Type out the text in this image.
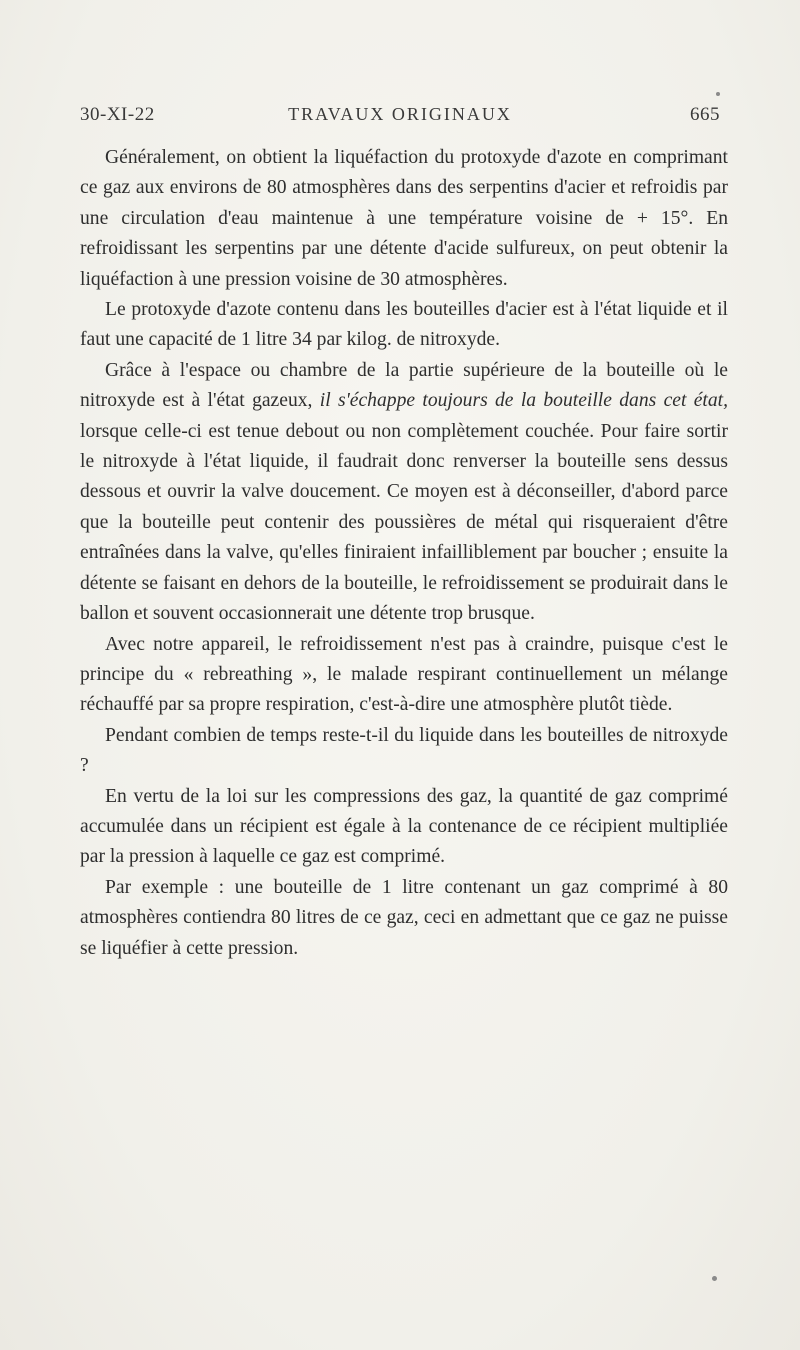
30-XI-22	TRAVAUX ORIGINAUX	665

Généralement, on obtient la liquéfaction du protoxyde d'azote en comprimant ce gaz aux environs de 80 atmosphères dans des serpentins d'acier et refroidis par une circulation d'eau maintenue à une température voisine de + 15°. En refroidissant les serpentins par une détente d'acide sulfureux, on peut obtenir la liquéfaction à une pression voisine de 30 atmosphères.

Le protoxyde d'azote contenu dans les bouteilles d'acier est à l'état liquide et il faut une capacité de 1 litre 34 par kilog. de nitroxyde.

Grâce à l'espace ou chambre de la partie supérieure de la bouteille où le nitroxyde est à l'état gazeux, il s'échappe toujours de la bouteille dans cet état, lorsque celle-ci est tenue debout ou non complètement couchée. Pour faire sortir le nitroxyde à l'état liquide, il faudrait donc renverser la bouteille sens dessus dessous et ouvrir la valve doucement. Ce moyen est à déconseiller, d'abord parce que la bouteille peut contenir des poussières de métal qui risqueraient d'être entraînées dans la valve, qu'elles finiraient infailliblement par boucher ; ensuite la détente se faisant en dehors de la bouteille, le refroidissement se produirait dans le ballon et souvent occasionnerait une détente trop brusque.

Avec notre appareil, le refroidissement n'est pas à craindre, puisque c'est le principe du « rebreathing », le malade respirant continuellement un mélange réchauffé par sa propre respiration, c'est-à-dire une atmosphère plutôt tiède.

Pendant combien de temps reste-t-il du liquide dans les bouteilles de nitroxyde ?

En vertu de la loi sur les compressions des gaz, la quantité de gaz comprimé accumulée dans un récipient est égale à la contenance de ce récipient multipliée par la pression à laquelle ce gaz est comprimé.

Par exemple : une bouteille de 1 litre contenant un gaz comprimé à 80 atmosphères contiendra 80 litres de ce gaz, ceci en admettant que ce gaz ne puisse se liquéfier à cette pression.
